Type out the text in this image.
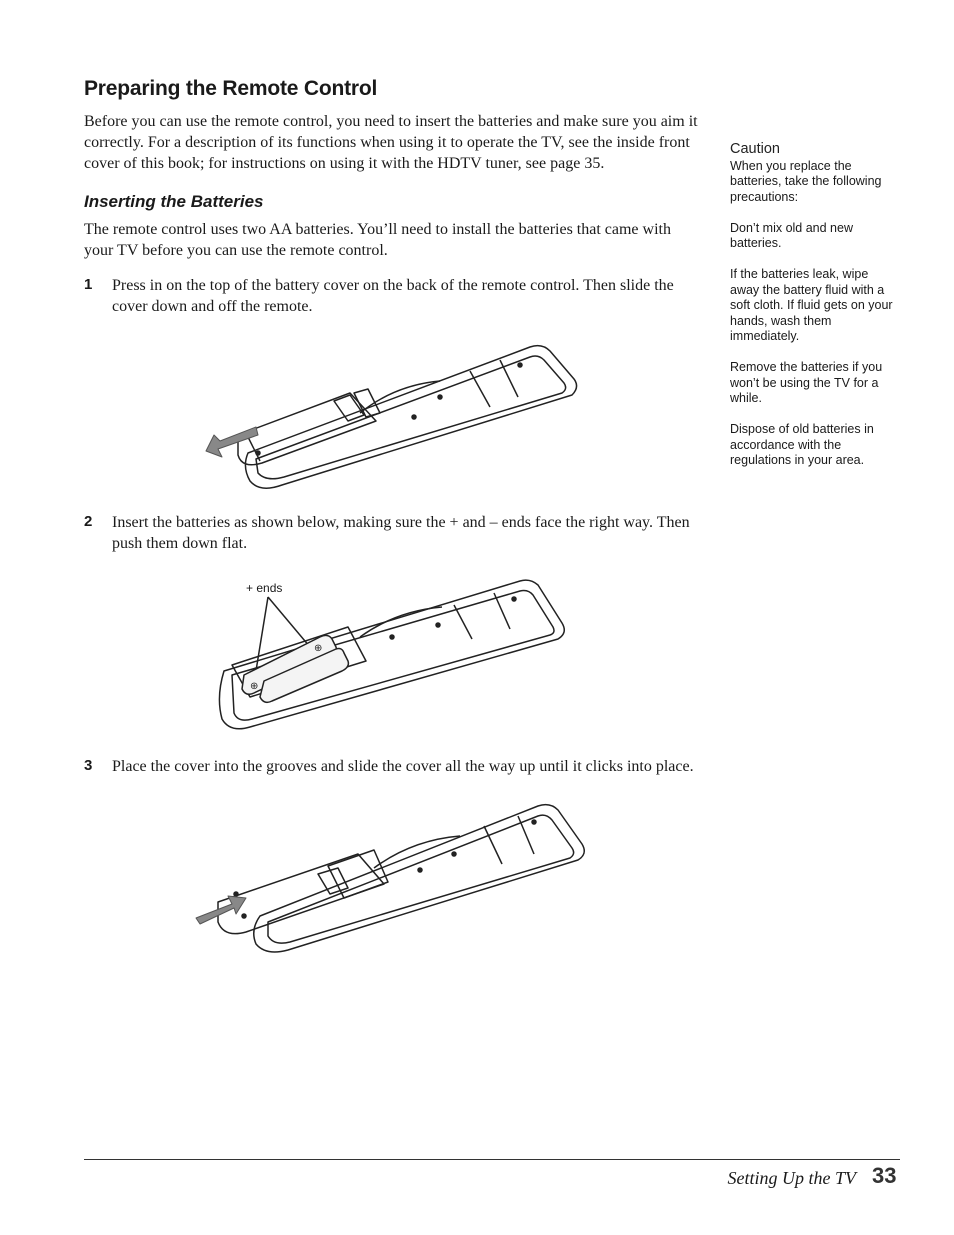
Preparing the Remote Control

Before you can use the remote control, you need to insert the batteries and make sure you aim it correctly. For a description of its functions when using it to operate the TV, see the inside front cover of this book; for instructions on using it with the HDTV tuner, see page 35.

Inserting the Batteries

The remote control uses two AA batteries. You’ll need to install the batteries that came with your TV before you can use the remote control.

1 Press in on the top of the battery cover on the back of the remote control. Then slide the cover down and off the remote.
2 Insert the batteries as shown below, making sure the + and – ends face the right way. Then push them down flat.
+ ends
⊕
⊕
3 Place the cover into the grooves and slide the cover all the way up until it clicks into place.
Caution

When you replace the batteries, take the following precautions:

Don’t mix old and new batteries.

If the batteries leak, wipe away the battery fluid with a soft cloth. If fluid gets on your hands, wash them immediately.

Remove the batteries if you won’t be using the TV for a while.

Dispose of old batteries in accordance with the regulations in your area.

Setting Up the TV 33
